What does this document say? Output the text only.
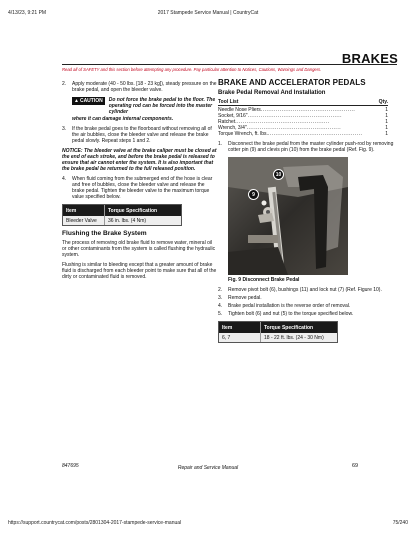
4/13/23, 9:21 PM	2017 Stampede Service Manual | CountryCat
BRAKES
Read all of SAFETY and this section before attempting any procedure. Pay particular attention to Notices, Cautions, Warnings and Dangers.
2.	Apply moderate (40 - 50 lbs. [18 - 23 kg]), steady pressure on the brake pedal, and open the bleeder valve.
▲ CAUTION	Do not force the brake pedal to the floor. The operating rod can be forced into the master cylinder
where it can damage internal components.
3.	If the brake pedal goes to the floorboard without removing all of the air bubbles, close the bleeder valve and release the brake pedal slowly. Repeat steps 1 and 2.
NOTICE: The bleeder valve at the brake caliper must be closed at the end of each stroke, and before the brake pedal is released to ensure that air cannot enter the system. It is also important that the brake pedal be returned to the full released position.
4.	When fluid coming from the submerged end of the hose is clear and free of bubbles, close the bleeder valve and release the brake pedal. Tighten the bleeder valve to the maximum torque value specified below.
Item	Torque Specification
Bleeder Valve	36 in. lbs. (4 Nm)
Flushing the Brake System
The process of removing old brake fluid to remove water, mineral oil or other contaminants from the system is called flushing the hydraulic system.
Flushing is similar to bleeding except that a greater amount of brake fluid is discharged from each bleeder point to make sure that all of the dirty or contaminated fluid is removed.
BRAKE AND ACCELERATOR PEDALS
Brake Pedal Removal And Installation
Tool List	Qty.
Needle Nose Pliers ..................................................	1
Socket, 9/16" ..................................................	1
Ratchet ..................................................	1
Wrench, 3/4" ..................................................	1
Torque Wrench, ft. lbs. ..................................................	1
1.	Disconnect the brake pedal from the master cylinder push-rod by removing cotter pin (9) and clevis pin (10) from the brake pedal (Ref. Fig. 9).
10
9
Fig. 9 Disconnect Brake Pedal
2.	Remove pivot bolt (6), bushings (11) and lock nut (7) (Ref. Figure 10).
3.	Remove pedal.
4.	Brake pedal installation is the reverse order of removal.
5.	Tighten bolt (6) and nut (5) to the torque specified below.
Item	Torque Specification
6, 7	18 - 22 ft. lbs. (24 - 30 Nm)
847695	Repair and Service Manual	69
https://support.countrycat.com/posts/2801304-2017-stampede-service-manual	75/240
